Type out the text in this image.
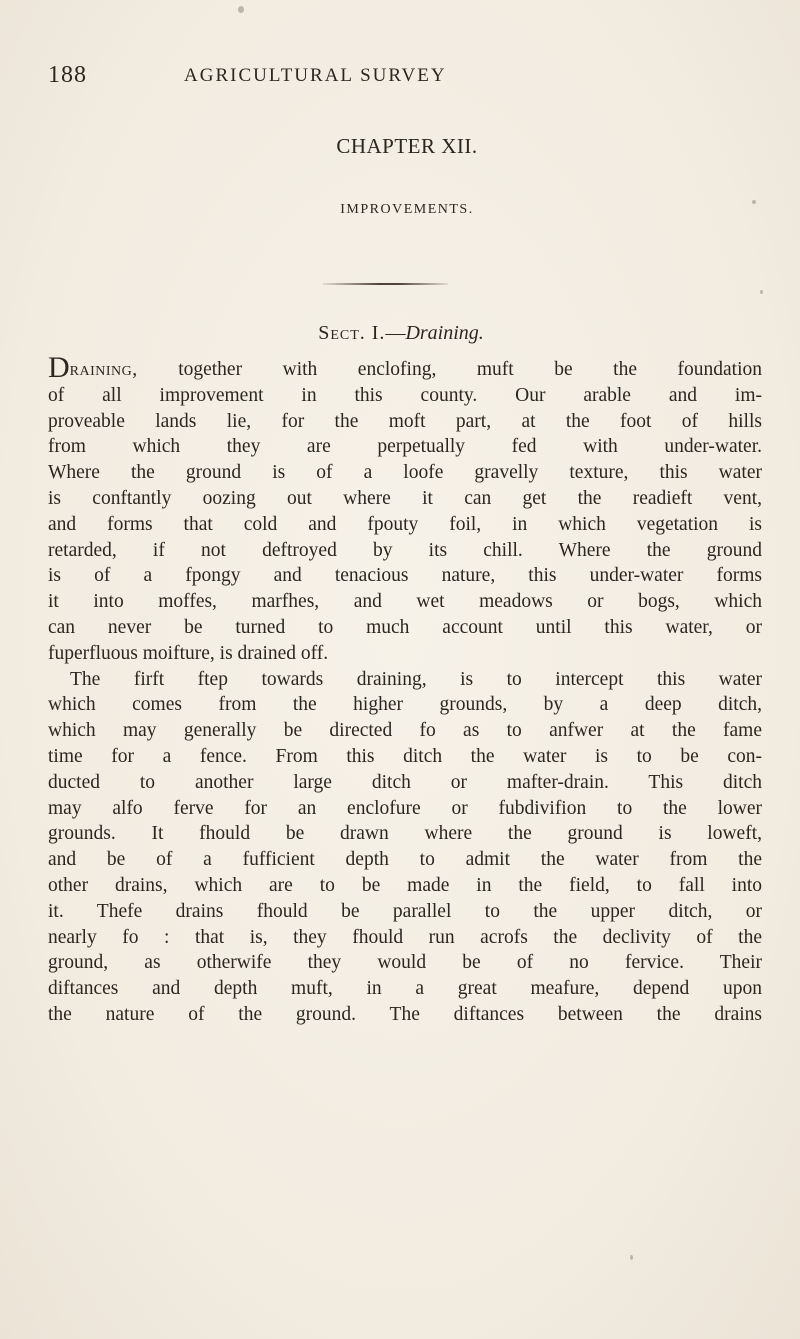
188	AGRICULTURAL SURVEY
CHAPTER XII.
IMPROVEMENTS.
Sect. I.—Draining.
Draining, together with enclofing, muft be the foundation
of all improvement in this county. Our arable and im-
proveable lands lie, for the moft part, at the foot of hills
from which they are perpetually fed with under-water.
Where the ground is of a loofe gravelly texture, this water
is conftantly oozing out where it can get the readieft vent,
and forms that cold and fpouty foil, in which vegetation is
retarded, if not deftroyed by its chill. Where the ground
is of a fpongy and tenacious nature, this under-water forms
it into moffes, marfhes, and wet meadows or bogs, which
can never be turned to much account until this water, or
fuperfluous moifture, is drained off.
The firft ftep towards draining, is to intercept this water
which comes from the higher grounds, by a deep ditch,
which may generally be directed fo as to anfwer at the fame
time for a fence. From this ditch the water is to be con-
ducted to another large ditch or mafter-drain. This ditch
may alfo ferve for an enclofure or fubdivifion to the lower
grounds. It fhould be drawn where the ground is loweft,
and be of a fufficient depth to admit the water from the
other drains, which are to be made in the field, to fall into
it. Thefe drains fhould be parallel to the upper ditch, or
nearly fo : that is, they fhould run acrofs the declivity of the
ground, as otherwife they would be of no fervice. Their
diftances and depth muft, in a great meafure, depend upon
the nature of the ground. The diftances between the drains
